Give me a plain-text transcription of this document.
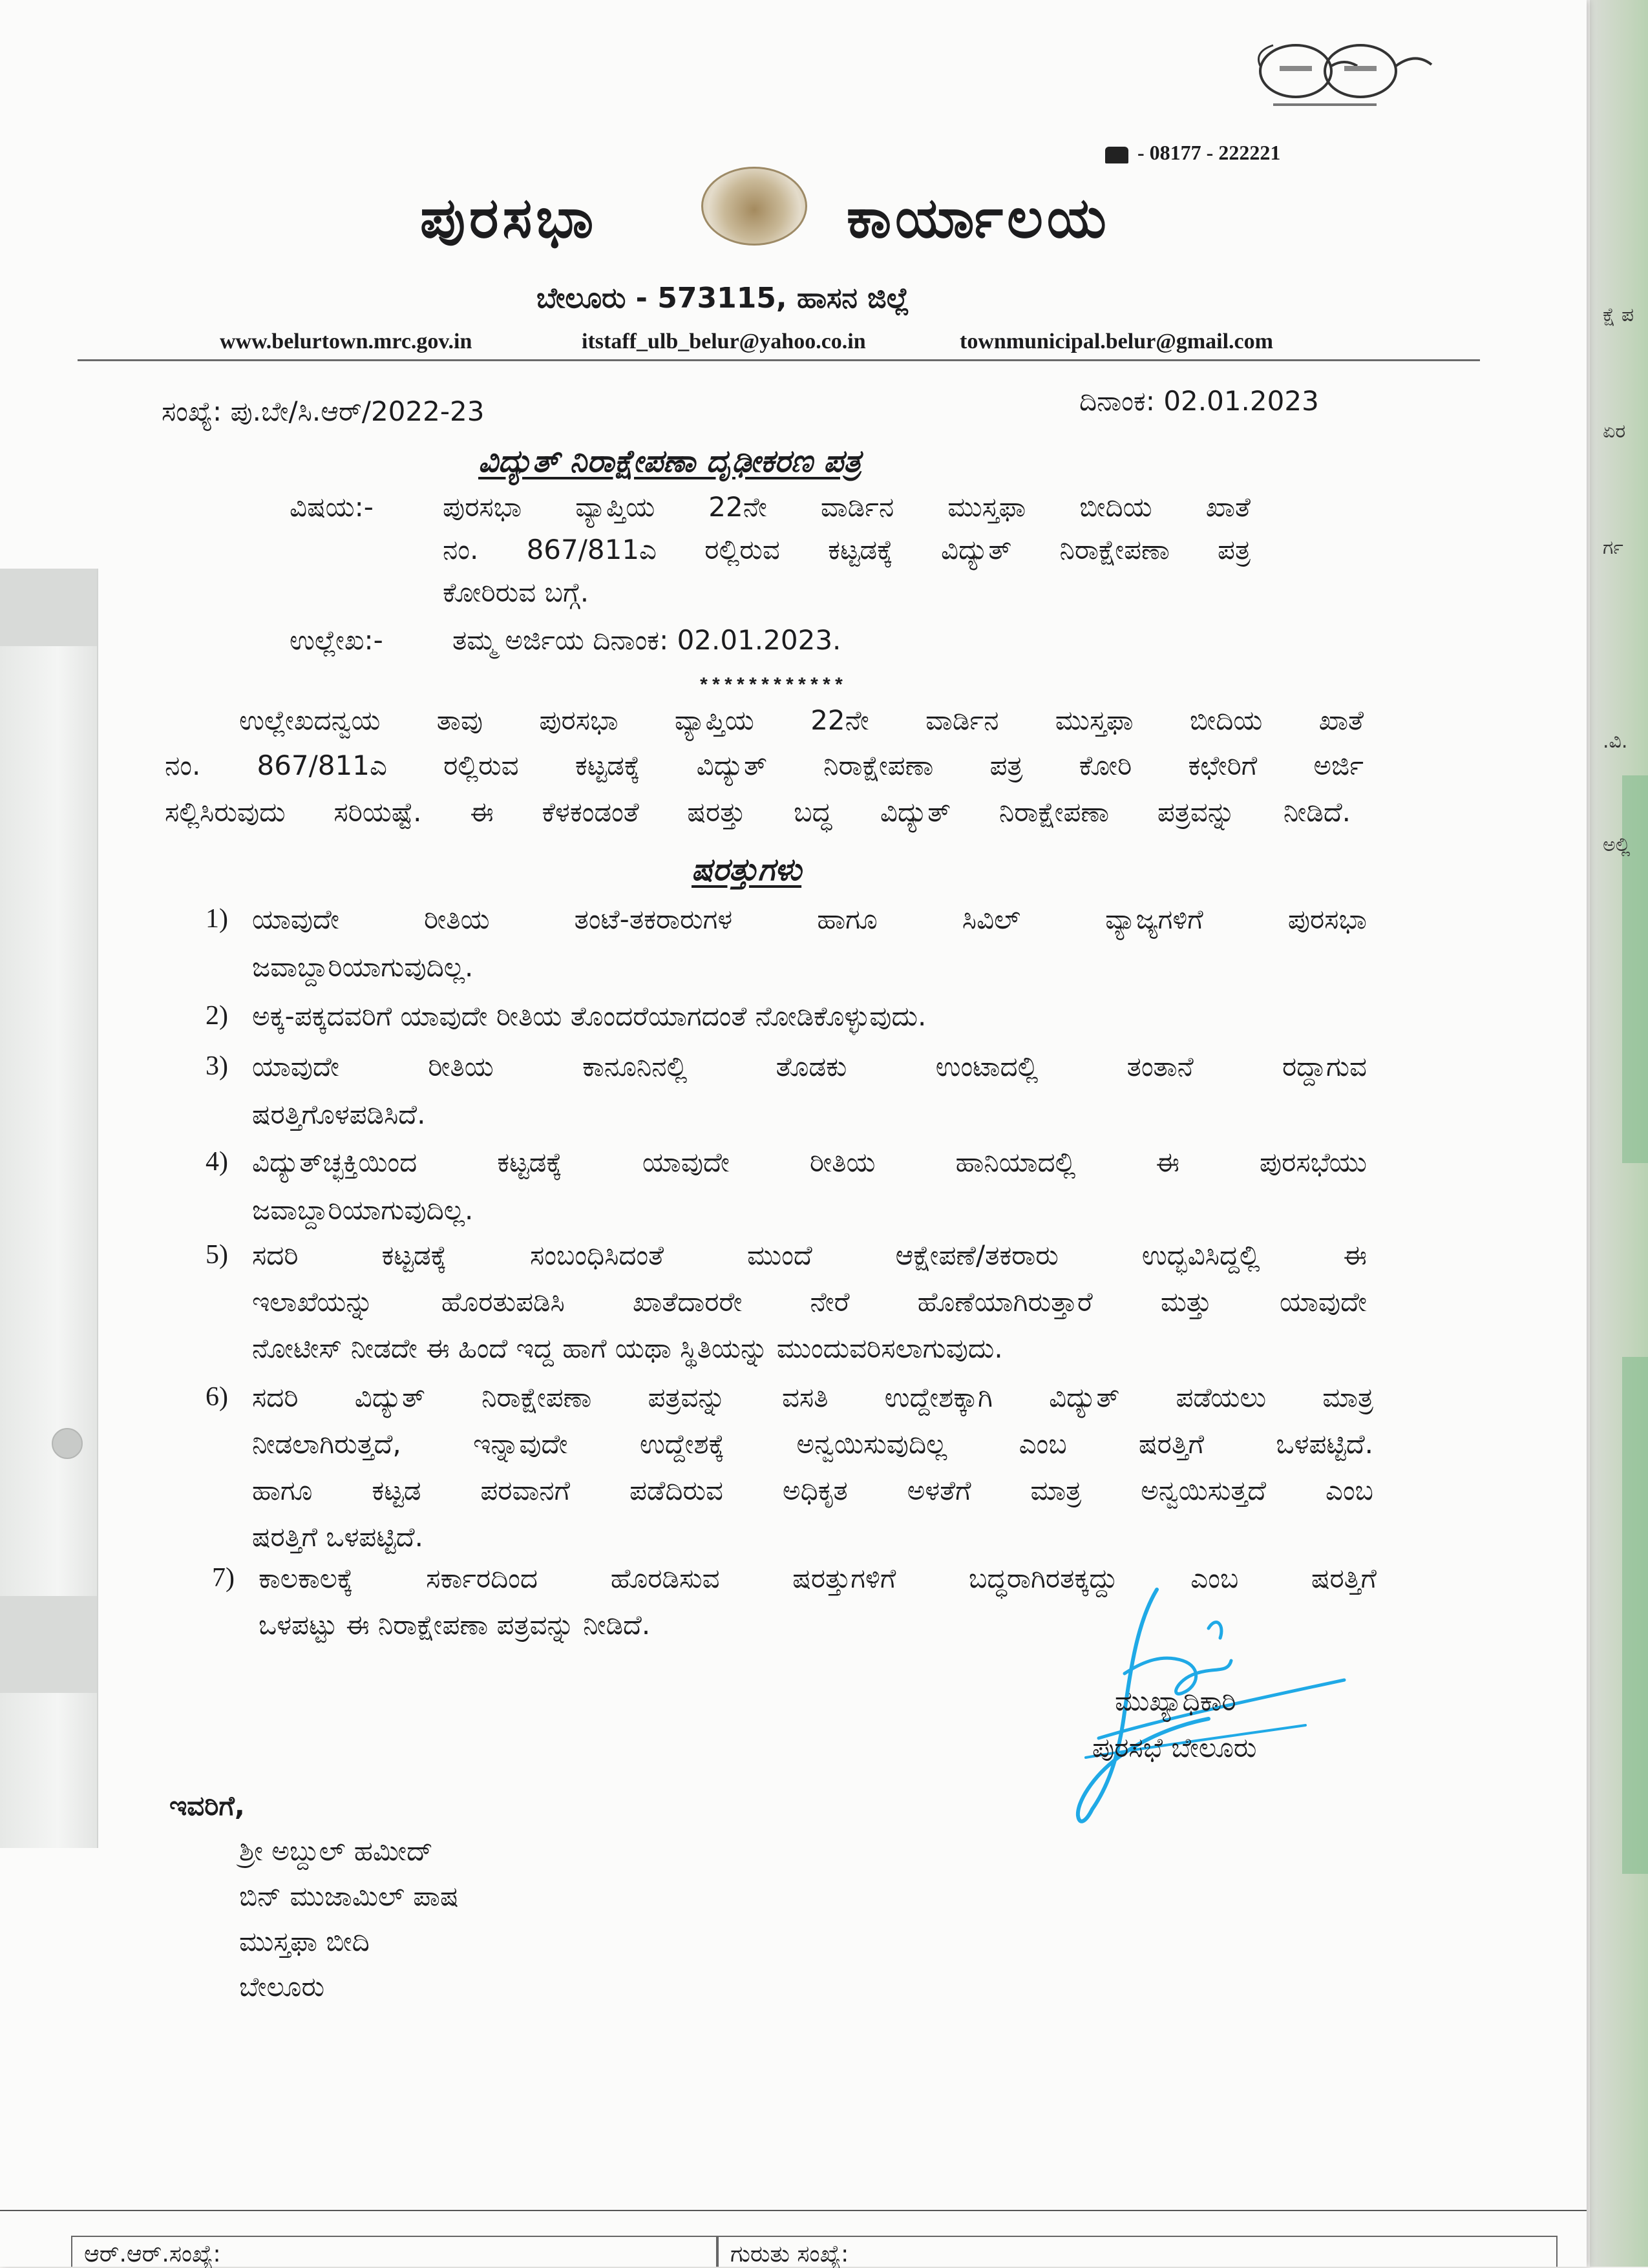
ಕ್ಷೆ ಪ
ಏರ
ರ್ಗ
.ವಿ.
ಅಲ್ಲಿ
- 08177 - 222221
ಪುರಸಭಾ	ಕಾರ್ಯಾಲಯ
ಬೇಲೂರು - 573115, ಹಾಸನ ಜಿಲ್ಲೆ
www.belurtown.mrc.gov.in	itstaff_ulb_belur@yahoo.co.in	townmunicipal.belur@gmail.com
ಸಂಖ್ಯೆ: ಪು.ಬೇ/ಸಿ.ಆರ್/2022-23	ದಿನಾಂಕ: 02.01.2023
ವಿದ್ಯುತ್ ನಿರಾಕ್ಷೇಪಣಾ ದೃಢೀಕರಣ ಪತ್ರ
ವಿಷಯ:-	ಪುರಸಭಾ ವ್ಯಾಪ್ತಿಯ 22ನೇ ವಾರ್ಡಿನ ಮುಸ್ತಫಾ ಬೀದಿಯ ಖಾತೆ
ನಂ. 867/811ಎ ರಲ್ಲಿರುವ ಕಟ್ಟಡಕ್ಕೆ ವಿದ್ಯುತ್ ನಿರಾಕ್ಷೇಪಣಾ ಪತ್ರ
ಕೋರಿರುವ ಬಗ್ಗೆ.
ಉಲ್ಲೇಖ:-	ತಮ್ಮ ಅರ್ಜಿಯ ದಿನಾಂಕ: 02.01.2023.
************
ಉಲ್ಲೇಖದನ್ವಯ ತಾವು ಪುರಸಭಾ ವ್ಯಾಪ್ತಿಯ 22ನೇ ವಾರ್ಡಿನ ಮುಸ್ತಫಾ ಬೀದಿಯ ಖಾತೆ
ನಂ. 867/811ಎ ರಲ್ಲಿರುವ ಕಟ್ಟಡಕ್ಕೆ ವಿದ್ಯುತ್ ನಿರಾಕ್ಷೇಪಣಾ ಪತ್ರ ಕೋರಿ ಕಛೇರಿಗೆ ಅರ್ಜಿ
ಸಲ್ಲಿಸಿರುವುದು ಸರಿಯಷ್ಟೆ. ಈ ಕೆಳಕಂಡಂತೆ ಷರತ್ತು ಬದ್ಧ ವಿದ್ಯುತ್ ನಿರಾಕ್ಷೇಪಣಾ ಪತ್ರವನ್ನು ನೀಡಿದೆ.
ಷರತ್ತುಗಳು
1) ಯಾವುದೇ ರೀತಿಯ ತಂಟೆ-ತಕರಾರುಗಳ ಹಾಗೂ ಸಿವಿಲ್ ವ್ಯಾಜ್ಯಗಳಿಗೆ ಪುರಸಭಾ
ಜವಾಬ್ದಾರಿಯಾಗುವುದಿಲ್ಲ.
2) ಅಕ್ಕ-ಪಕ್ಕದವರಿಗೆ ಯಾವುದೇ ರೀತಿಯ ತೊಂದರೆಯಾಗದಂತೆ ನೋಡಿಕೊಳ್ಳುವುದು.
3) ಯಾವುದೇ ರೀತಿಯ ಕಾನೂನಿನಲ್ಲಿ ತೊಡಕು ಉಂಟಾದಲ್ಲಿ ತಂತಾನೆ ರದ್ದಾಗುವ
ಷರತ್ತಿಗೊಳಪಡಿಸಿದೆ.
4) ವಿದ್ಯುತ್‌ಚ್ಛಕ್ತಿಯಿಂದ ಕಟ್ಟಡಕ್ಕೆ ಯಾವುದೇ ರೀತಿಯ ಹಾನಿಯಾದಲ್ಲಿ ಈ ಪುರಸಭೆಯು
ಜವಾಬ್ದಾರಿಯಾಗುವುದಿಲ್ಲ.
5) ಸದರಿ ಕಟ್ಟಡಕ್ಕೆ ಸಂಬಂಧಿಸಿದಂತೆ ಮುಂದೆ ಆಕ್ಷೇಪಣೆ/ತಕರಾರು ಉದ್ಭವಿಸಿದ್ದಲ್ಲಿ ಈ
ಇಲಾಖೆಯನ್ನು ಹೊರತುಪಡಿಸಿ ಖಾತೆದಾರರೇ ನೇರೆ ಹೊಣೆಯಾಗಿರುತ್ತಾರೆ ಮತ್ತು ಯಾವುದೇ
ನೋಟೀಸ್ ನೀಡದೇ ಈ ಹಿಂದೆ ಇದ್ದ ಹಾಗೆ ಯಥಾ ಸ್ಥಿತಿಯನ್ನು ಮುಂದುವರಿಸಲಾಗುವುದು.
6) ಸದರಿ ವಿದ್ಯುತ್ ನಿರಾಕ್ಷೇಪಣಾ ಪತ್ರವನ್ನು ವಸತಿ ಉದ್ದೇಶಕ್ಕಾಗಿ ವಿದ್ಯುತ್ ಪಡೆಯಲು ಮಾತ್ರ
ನೀಡಲಾಗಿರುತ್ತದೆ, ಇನ್ನಾವುದೇ ಉದ್ದೇಶಕ್ಕೆ ಅನ್ವಯಿಸುವುದಿಲ್ಲ ಎಂಬ ಷರತ್ತಿಗೆ ಒಳಪಟ್ಟಿದೆ.
ಹಾಗೂ ಕಟ್ಟಡ ಪರವಾನಗೆ ಪಡೆದಿರುವ ಅಧಿಕೃತ ಅಳತೆಗೆ ಮಾತ್ರ ಅನ್ವಯಿಸುತ್ತದೆ ಎಂಬ
ಷರತ್ತಿಗೆ ಒಳಪಟ್ಟಿದೆ.
7) ಕಾಲಕಾಲಕ್ಕೆ ಸರ್ಕಾರದಿಂದ ಹೊರಡಿಸುವ ಷರತ್ತುಗಳಿಗೆ ಬದ್ಧರಾಗಿರತಕ್ಕದ್ದು ಎಂಬ ಷರತ್ತಿಗೆ
ಒಳಪಟ್ಟು ಈ ನಿರಾಕ್ಷೇಪಣಾ ಪತ್ರವನ್ನು ನೀಡಿದೆ.
ಮುಖ್ಯಾಧಿಕಾರಿ
ಪುರಸಭೆ ಬೇಲೂರು
ಇವರಿಗೆ,
ಶ್ರೀ ಅಬ್ದುಲ್ ಹಮೀದ್
ಬಿನ್ ಮುಜಾಮಿಲ್ ಪಾಷ
ಮುಸ್ತಫಾ ಬೀದಿ
ಬೇಲೂರು
ಆರ್.ಆರ್.ಸಂಖ್ಯೆ:	ಗುರುತು ಸಂಖ್ಯೆ:
